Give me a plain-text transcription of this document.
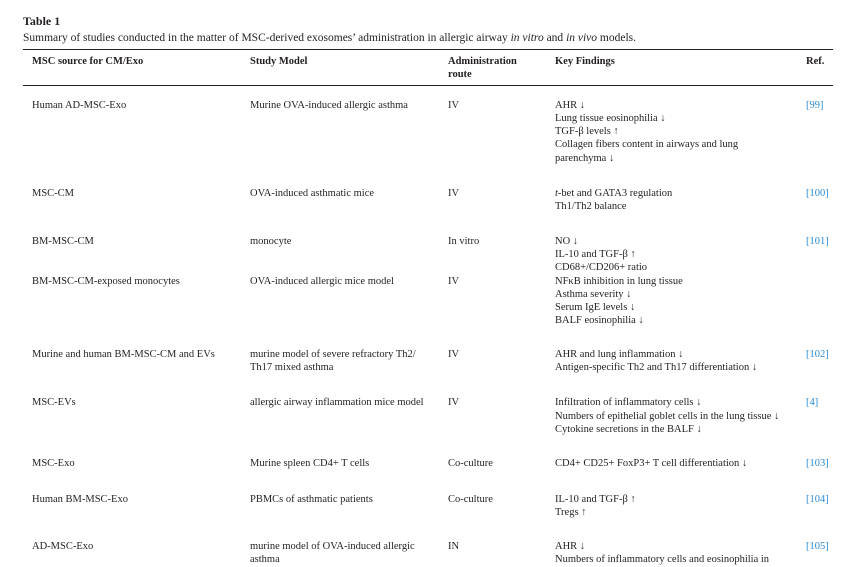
Table 1
Summary of studies conducted in the matter of MSC-derived exosomes’ administration in allergic airway in vitro and in vivo models.
MSC source for CM/Exo	Study Model	Administration
route	Key Findings	Ref.
Human AD-MSC-Exo	Murine OVA-induced allergic asthma	IV	AHR ↓
Lung tissue eosinophilia ↓
TGF-β levels ↑
Collagen fibers content in airways and lung
parenchyma ↓	[99]
MSC-CM	OVA-induced asthmatic mice	IV	t-bet and GATA3 regulation
Th1/Th2 balance	[100]
BM-MSC-CM	monocyte	In vitro	NO ↓
IL-10 and TGF-β ↑
CD68+/CD206+ ratio	[101]
BM-MSC-CM-exposed monocytes	OVA-induced allergic mice model	IV	NFκB inhibition in lung tissue
Asthma severity ↓
Serum IgE levels ↓
BALF eosinophilia ↓	

Murine and human BM-MSC-CM and EVs	murine model of severe refractory Th2/
Th17 mixed asthma	IV	AHR and lung inflammation ↓
Antigen-specific Th2 and Th17 differentiation ↓	[102]
MSC-EVs	allergic airway inflammation mice model	IV	Infiltration of inflammatory cells ↓
Numbers of epithelial goblet cells in the lung tissue ↓
Cytokine secretions in the BALF ↓	[4]
MSC-Exo	Murine spleen CD4+ T cells	Co-culture	CD4+ CD25+ FoxP3+ T cell differentiation ↓	[103]
Human BM-MSC-Exo	PBMCs of asthmatic patients	Co-culture	IL-10 and TGF-β ↑
Tregs ↑	[104]
AD-MSC-Exo	murine model of OVA-induced allergic
asthma	IN	AHR ↓
Numbers of inflammatory cells and eosinophilia in	[105]
